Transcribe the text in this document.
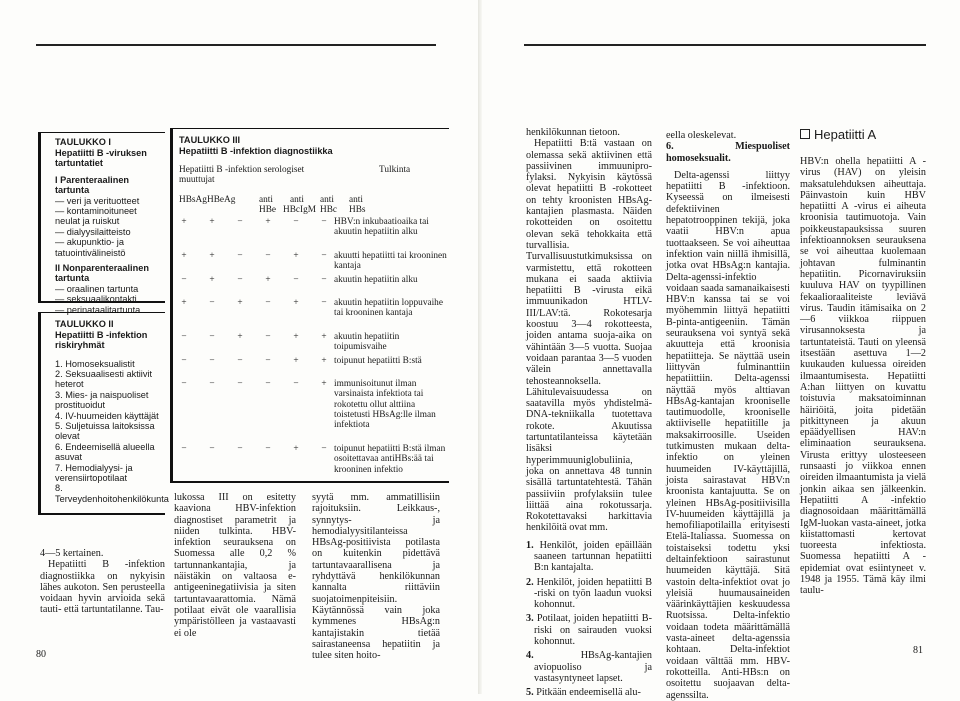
TAULUKKO I
Hepatiitti B -viruksen tartuntatiet
I Parenteraalinen tartunta
— veri ja verituotteet
— kontaminoituneet neulat ja ruiskut
— dialyysilaitteisto
— akupunktio- ja tatuointivälineistö
II Nonparenteraalinen tartunta
— oraalinen tartunta
— seksuaalikontakti
— perinataalitartunta
TAULUKKO II
Hepatiitti B -infektion riskiryhmät
1. Homoseksualistit
2. Seksuaalisesti aktiivit heterot
3. Mies- ja naispuoliset prostituoidut
4. IV-huumeiden käyttäjät
5. Suljetuissa laitoksissa olevat
6. Endeemisellä alueella asuvat
7. Hemodialyysi- ja verensiirtopotilaat
8. Terveydenhoitohenkilökunta

4—5 kertainen.

Hepatiitti B -infektion diagnostiikka on nykyisin lähes aukoton. Sen perusteella voidaan hyvin arvioida sekä tauti- että tartuntatilanne. Tau-

TAULUKKO III
Hepatiitti B -infektion diagnostiikka
Hepatiitti B -infektion serologiset muuttujat
Tulkinta
HBsAg HBeAg	anti anti anti anti
HBe HBcIgM HBc HBs
+ + − + − − HBV:n inkubaatioaika tai akuutin hepatiitin alku
+ + − − + − akuutti hepatiitti tai krooninen kantaja
− + − + − − akuutin hepatiitin alku
+ − + − + − akuutin hepatiitin loppuvaihe tai krooninen kantaja
− − + − + + akuutin hepatiitin toipumisvaihe
− − − − + + toipunut hepatiitti B:stä
− − − − − + immunisoitunut ilman varsinaista infektiota tai rokotettu ollut alttiina toistetusti HBsAg:lle ilman infektiota
− − − − + − toipunut hepatiitti B:stä ilman osoitettavaa antiHBs:ää tai krooninen infektio

lukossa III on esitetty kaaviona HBV-infektion diagnostiset parametrit ja niiden tulkinta. HBV-infektion seurauksena on Suomessa alle 0,2 % tartunnankantajia, ja näistäkin on valtaosa e-antigeeninegatiivisia ja siten tartuntavaarattomia. Nämä potilaat eivät ole vaarallisia ympäristölleen ja vastaavasti ei ole

syytä mm. ammatillisiin rajoituksiin. Leikkaus-, synnytys- ja hemodialyysitilanteissa HBsAg-positiivista potilasta on kuitenkin pidettävä tartuntavaarallisena ja ryhdyttävä henkilökunnan kannalta riittäviin suojatoimenpiteisiin. Käytännössä vain joka kymmenes HBsAg:n kantajistakin tietää sairastaneensa hepatiitin ja tulee siten hoito-

henkilökunnan tietoon.

Hepatiitti B:tä vastaan on olemassa sekä aktiivinen että passiivinen immuuniprofylaksi. Nykyisin käytössä olevat hepatiitti B -rokotteet on tehty kroonisten HBsAg-kantajien plasmasta. Näiden rokotteiden on osoitettu olevan sekä tehokkaita että turvallisia. Turvallisuustutkimuksissa on varmistettu, että rokotteen mukana ei saada aktiivia hepatiitti B -virusta eikä immuunikadon HTLV-III/LAV:tä. Rokotesarja koostuu 3—4 rokotteesta, joiden antama suoja-aika on vähintään 3—5 vuotta. Suojaa voidaan parantaa 3—5 vuoden välein annettavalla tehosteannoksella. Lähitulevaisuudessa on saatavilla myös yhdistelmä-DNA-tekniikalla tuotettava rokote. Akuutissa tartuntatilanteissa käytetään lisäksi hyperimmuuniglobuliinia, joka on annettava 48 tunnin sisällä tartuntatehtestä. Tähän passiiviin profylaksiin tulee liittää aina rokotussarja. Rokotettavaksi harkittavia henkilöitä ovat mm.

1. Henkilöt, joiden epäillään saaneen tartunnan hepatiitti B:n kantajalta.

2. Henkilöt, joiden hepatiitti B -riski on työn laadun vuoksi kohonnut.

3. Potilaat, joiden hepatiitti B-riski on sairauden vuoksi kohonnut.

4.	HBsAg-kantajien aviopuoliso ja vastasyntyneet lapset.

5. Pitkään endeemisellä alu-

eella oleskelevat.

6. Miespuoliset homoseksualit.

Delta-agenssi liittyy hepatiitti B -infektioon. Kyseessä on ilmeisesti defektiivinen hepatotrooppinen tekijä, joka vaatii HBV:n apua tuottaakseen. Se voi aiheuttaa infektion vain niillä ihmisillä, jotka ovat HBsAg:n kantajia. Delta-agenssi-infektio voidaan saada samanaikaisesti HBV:n kanssa tai se voi myöhemmin liittyä hepatiitti B-pinta-antigeeniin. Tämän seurauksena voi syntyä sekä akuutteja että kroonisia hepatiitteja. Se näyttää usein liittyvän fulminanttiin hepatiittiin. Delta-agenssi näyttää myös alttiavan HBsAg-kantajan krooniselle tautimuodolle, krooniselle aktiiviselle hepatiitille ja maksakirroosille. Useiden tutkimusten mukaan delta-infektio on yleinen huumeiden IV-käyttäjillä, joista sairastavat HBV:n kroonista kantajuutta. Se on yleinen HBsAg-positiivisilla IV-huumeiden käyttäjillä ja hemofiliapotilailla erityisesti Etelä-Italiassa. Suomessa on toistaiseksi todettu yksi deltainfektioon sairastunut huumeiden käyttäjä. Sitä vastoin delta-infektiot ovat jo yleisiä huumausaineiden väärinkäyttäjien keskuudessa Ruotsissa. Delta-infektio voidaan todeta määrittämällä vasta-aineet delta-agenssia kohtaan. Delta-infektiot voidaan välttää mm. HBV-rokotteilla. Anti-HBs:n on osoitettu suojaavan delta-agenssilta.

Hepatiitti A

HBV:n ohella hepatiitti A -virus (HAV) on yleisin maksatulehduksen aiheuttaja. Päinvastoin kuin HBV hepatiitti A -virus ei aiheuta kroonisia tautimuotoja. Vain poikkeustapauksissa suuren infektioannoksen seurauksena se voi aiheuttaa kuolemaan johtavan fulminantin hepatiitin. Picornaviruksiin kuuluva HAV on tyypillinen fekaalioraaliteiste leviävä virus. Taudin itämisaika on 2—6 viikkoa riippuen virusannoksesta ja tartuntateistä. Tauti on yleensä itsestään asettuva 1—2 kuukauden kuluessa oireiden ilmaantumisesta. Hepatiitti A:han liittyen on kuvattu toistuvia maksatoiminnan häiriöitä, joita pidetään pitkittyneen ja akuun epäädyellisen HAV:n eliminaation seurauksena. Virusta erittyy ulosteeseen runsaasti jo viikkoa ennen oireiden ilmaantumista ja vielä jonkin aikaa sen jälkeenkin. Hepatiitti A -infektio diagnosoidaan määrittämällä IgM-luokan vasta-aineet, jotka kiistattomasti kertovat tuoreesta infektiosta. Suomessa hepatiitti A -epidemiat ovat esiintyneet v. 1948 ja 1955. Tämä käy ilmi taulu-

80	81
